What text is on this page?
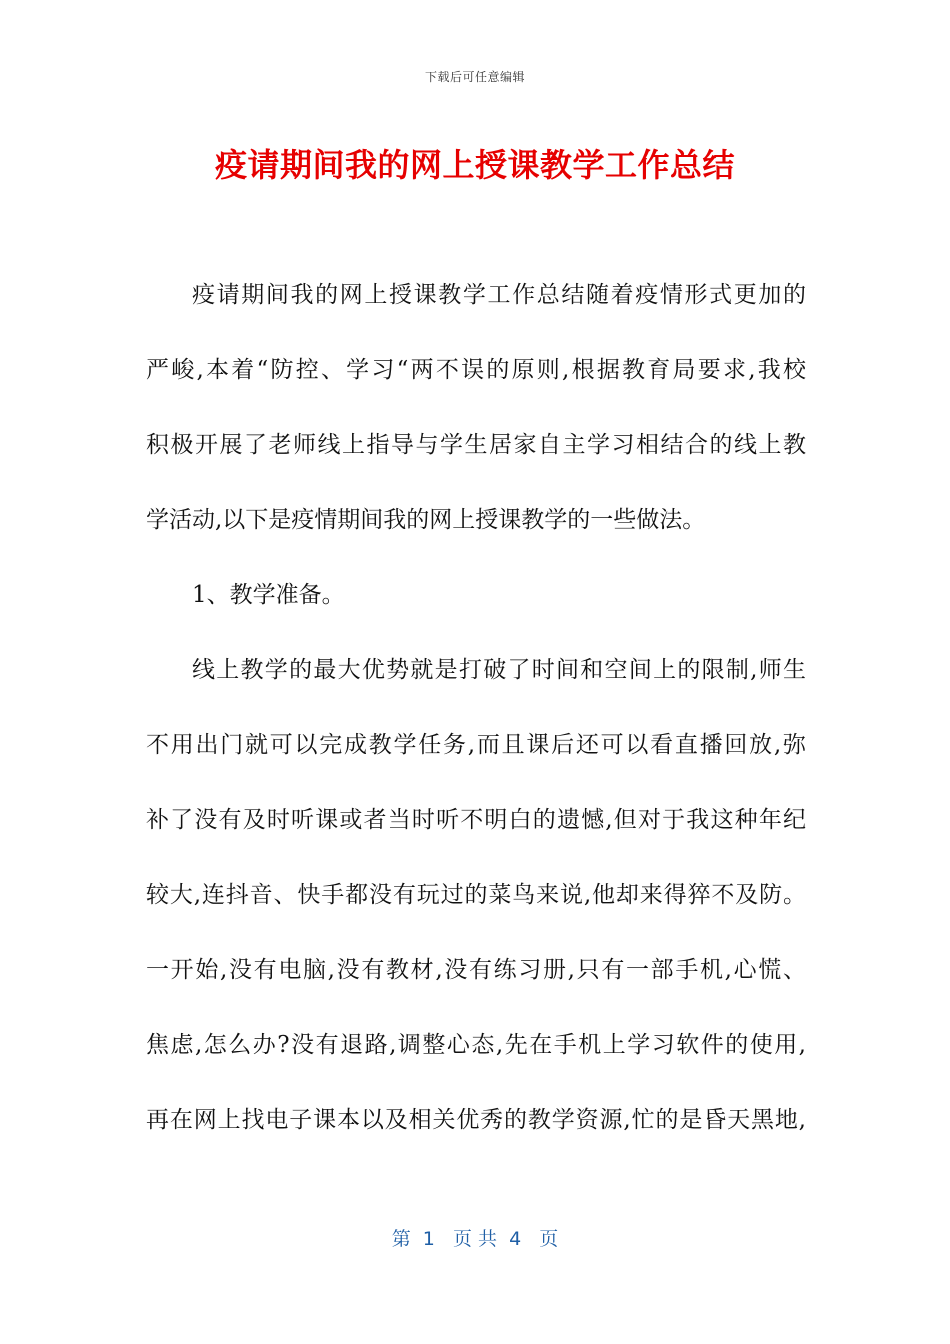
下载后可任意编辑
疫请期间我的网上授课教学工作总结
疫请期间我的网上授课教学工作总结随着疫情形式更加的
严峻,本着“防控、学习“两不误的原则,根据教育局要求,我校
积极开展了老师线上指导与学生居家自主学习相结合的线上教
学活动,以下是疫情期间我的网上授课教学的一些做法。
1、教学准备。
线上教学的最大优势就是打破了时间和空间上的限制,师生
不用出门就可以完成教学任务,而且课后还可以看直播回放,弥
补了没有及时听课或者当时听不明白的遗憾,但对于我这种年纪
较大,连抖音、快手都没有玩过的菜鸟来说,他却来得猝不及防。
一开始,没有电脑,没有教材,没有练习册,只有一部手机,心慌、
焦虑,怎么办?没有退路,调整心态,先在手机上学习软件的使用,
再在网上找电子课本以及相关优秀的教学资源,忙的是昏天黑地,
第  1   页 共  4   页
